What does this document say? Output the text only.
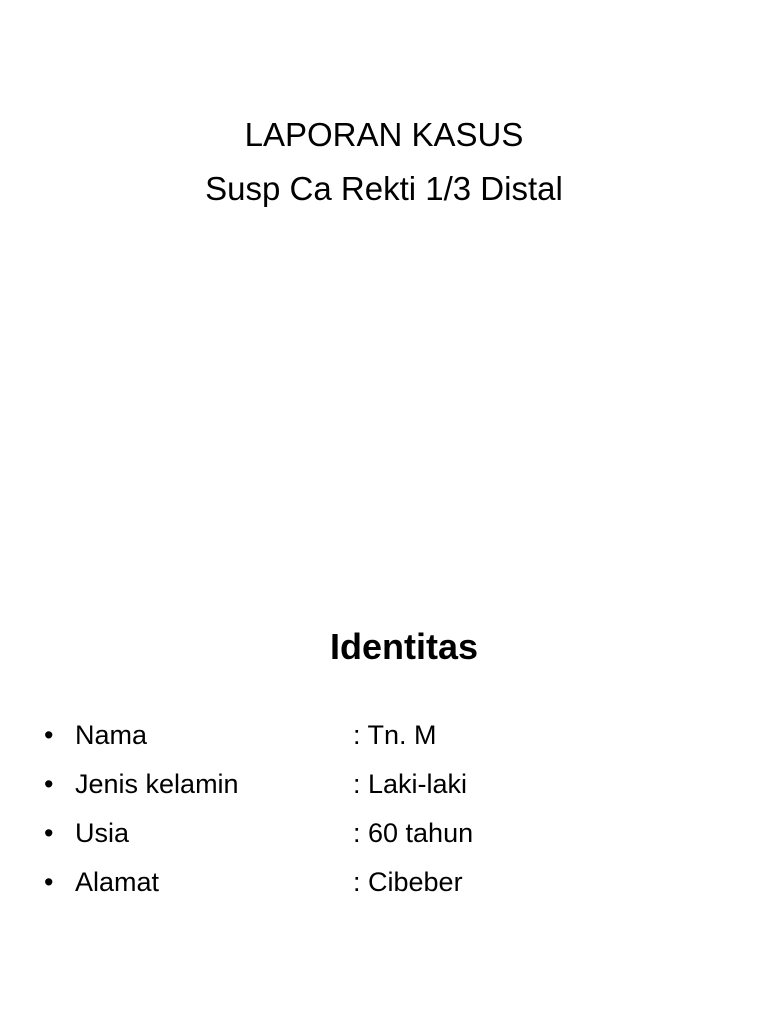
LAPORAN KASUS
Susp Ca Rekti 1/3 Distal
Identitas
• Nama	: Tn. M
• Jenis kelamin	: Laki-laki
• Usia	: 60 tahun
• Alamat	: Cibeber
